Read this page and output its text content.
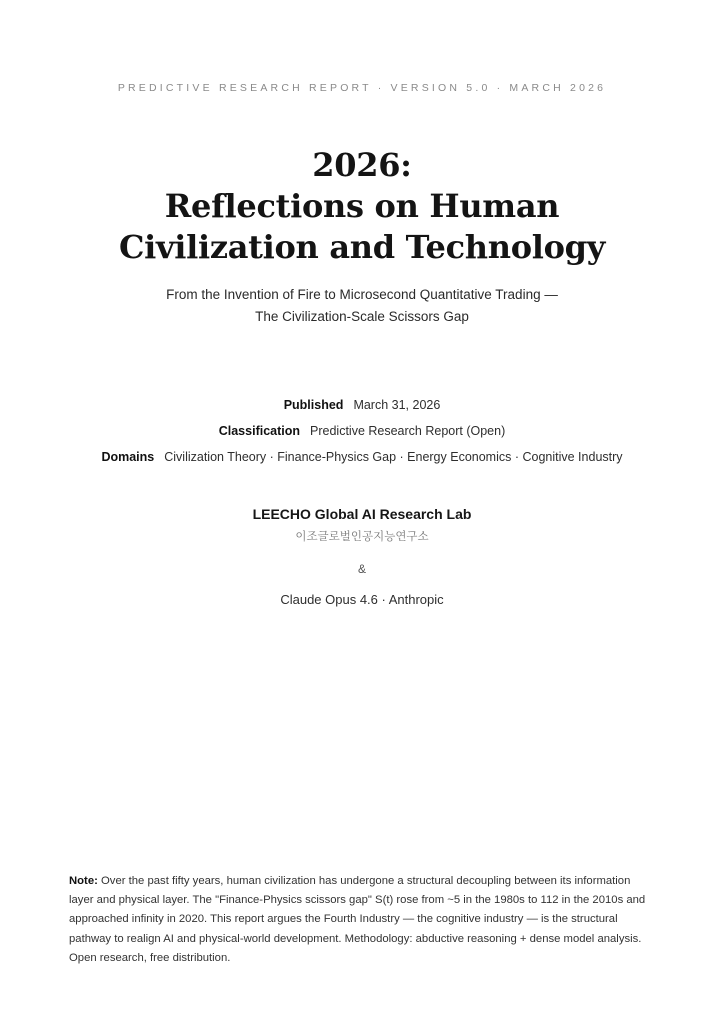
PREDICTIVE RESEARCH REPORT · VERSION 5.0 · MARCH 2026
2026:
Reflections on Human
Civilization and Technology
From the Invention of Fire to Microsecond Quantitative Trading —
The Civilization-Scale Scissors Gap
Published March 31, 2026
Classification Predictive Research Report (Open)
Domains Civilization Theory · Finance-Physics Gap · Energy Economics · Cognitive Industry
LEECHO Global AI Research Lab
이조글로벌인공지능연구소
&
Claude Opus 4.6 · Anthropic
Note: Over the past fifty years, human civilization has undergone a structural decoupling between its information layer and physical layer. The "Finance-Physics scissors gap" S(t) rose from ~5 in the 1980s to 112 in the 2010s and approached infinity in 2020. This report argues the Fourth Industry — the cognitive industry — is the structural pathway to realign AI and physical-world development. Methodology: abductive reasoning + dense model analysis. Open research, free distribution.
